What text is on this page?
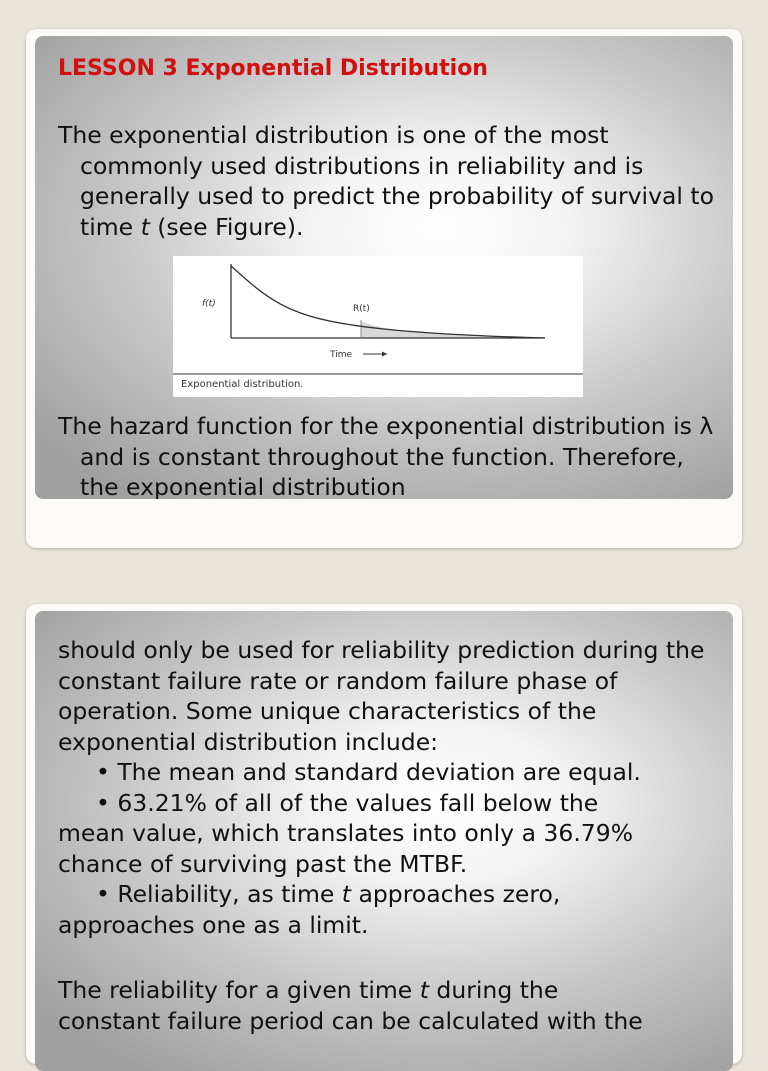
LESSON 3 Exponential Distribution

The exponential distribution is one of the most commonly used distributions in reliability and is generally used to predict the probability of survival to time t (see Figure).

f(t)	R(t)
Time
Exponential distribution.

The hazard function for the exponential distribution is λ and is constant throughout the function. Therefore, the exponential distribution

should only be used for reliability prediction during the constant failure rate or random failure phase of operation. Some unique characteristics of the exponential distribution include:

• The mean and standard deviation are equal.

• 63.21% of all of the values fall below the

mean value, which translates into only a 36.79% chance of surviving past the MTBF.

• Reliability, as time t approaches zero,

approaches one as a limit.

The reliability for a given time t during the

constant failure period can be calculated with the
